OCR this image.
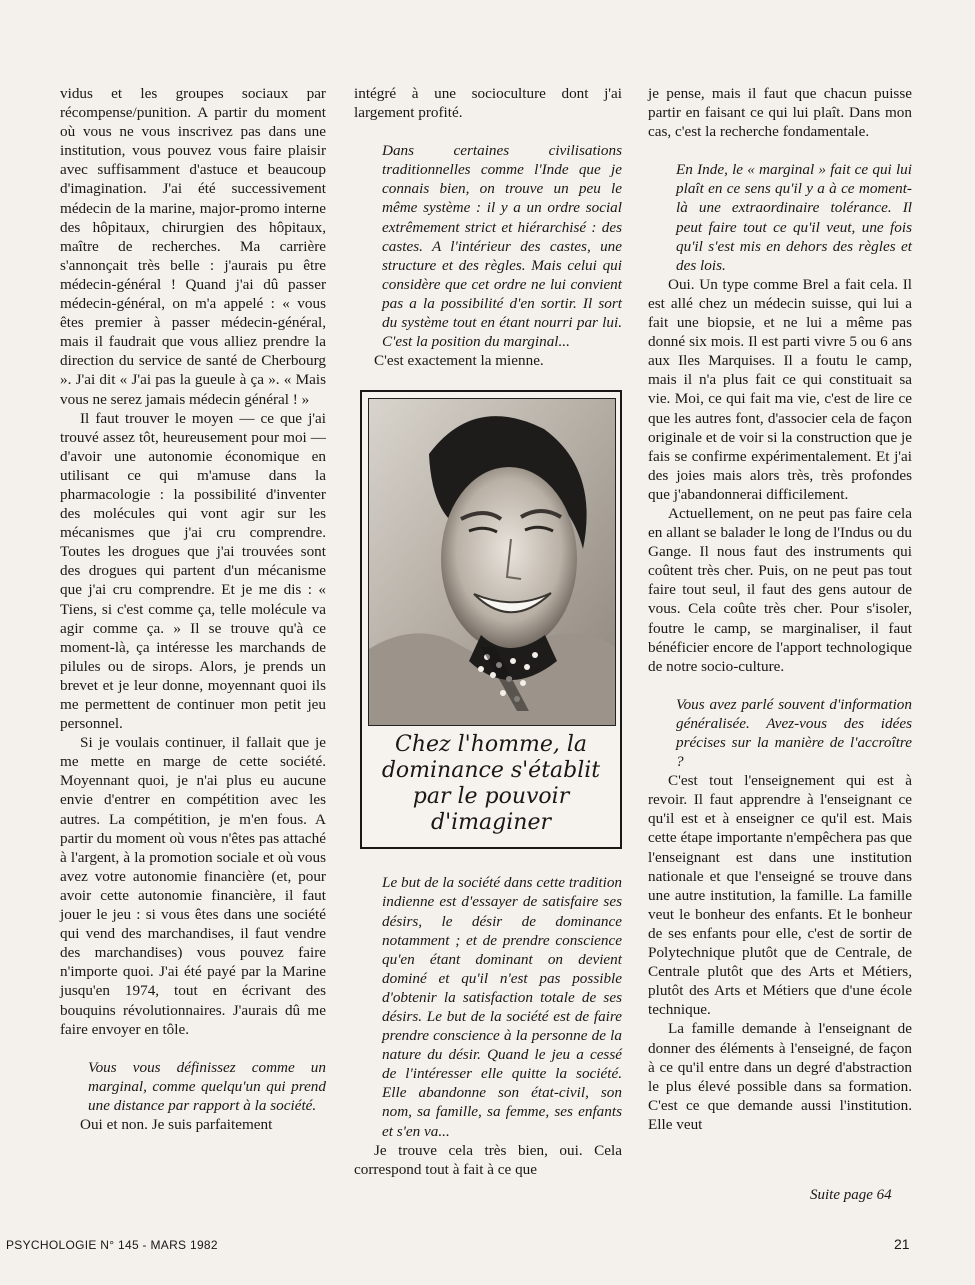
vidus et les groupes sociaux par récompense/punition. A partir du moment où vous ne vous inscrivez pas dans une institution, vous pouvez vous faire plaisir avec suffisamment d'astuce et beaucoup d'imagination. J'ai été successivement médecin de la marine, major-promo interne des hôpitaux, chirurgien des hôpitaux, maître de recherches. Ma carrière s'annonçait très belle : j'aurais pu être médecin-général ! Quand j'ai dû passer médecin-général, on m'a appelé : « vous êtes premier à passer médecin-général, mais il faudrait que vous alliez prendre la direction du service de santé de Cherbourg ». J'ai dit « J'ai pas la gueule à ça ». « Mais vous ne serez jamais médecin général ! »

Il faut trouver le moyen — ce que j'ai trouvé assez tôt, heureusement pour moi — d'avoir une autonomie économique en utilisant ce qui m'amuse dans la pharmacologie : la possibilité d'inventer des molécules qui vont agir sur les mécanismes que j'ai cru comprendre. Toutes les drogues que j'ai trouvées sont des drogues qui partent d'un mécanisme que j'ai cru comprendre. Et je me dis : « Tiens, si c'est comme ça, telle molécule va agir comme ça. » Il se trouve qu'à ce moment-là, ça intéresse les marchands de pilules ou de sirops. Alors, je prends un brevet et je leur donne, moyennant quoi ils me permettent de continuer mon petit jeu personnel.

Si je voulais continuer, il fallait que je me mette en marge de cette société. Moyennant quoi, je n'ai plus eu aucune envie d'entrer en compétition avec les autres. La compétition, je m'en fous. A partir du moment où vous n'êtes pas attaché à l'argent, à la promotion sociale et où vous avez votre autonomie financière (et, pour avoir cette autonomie financière, il faut jouer le jeu : si vous êtes dans une société qui vend des marchandises, il faut vendre des marchandises) vous pouvez faire n'importe quoi. J'ai été payé par la Marine jusqu'en 1974, tout en écrivant des bouquins révolutionnaires. J'aurais dû me faire envoyer en tôle.

Vous vous définissez comme un marginal, comme quelqu'un qui prend une distance par rapport à la société.

Oui et non. Je suis parfaitement

intégré à une socioculture dont j'ai largement profité.

Dans certaines civilisations traditionnelles comme l'Inde que je connais bien, on trouve un peu le même système : il y a un ordre social extrêmement strict et hiérarchisé : des castes. A l'intérieur des castes, une structure et des règles. Mais celui qui considère que cet ordre ne lui convient pas a la possibilité d'en sortir. Il sort du système tout en étant nourri par lui. C'est la position du marginal...

C'est exactement la mienne.

Chez l'homme, la dominance s'établit par le pouvoir d'imaginer

Le but de la société dans cette tradition indienne est d'essayer de satisfaire ses désirs, le désir de dominance notamment ; et de prendre conscience qu'en étant dominant on devient dominé et qu'il n'est pas possible d'obtenir la satisfaction totale de ses désirs. Le but de la société est de faire prendre conscience à la personne de la nature du désir. Quand le jeu a cessé de l'intéresser elle quitte la société. Elle abandonne son état-civil, son nom, sa famille, sa femme, ses enfants et s'en va...

Je trouve cela très bien, oui. Cela correspond tout à fait à ce que

je pense, mais il faut que chacun puisse partir en faisant ce qui lui plaît. Dans mon cas, c'est la recherche fondamentale.

En Inde, le « marginal » fait ce qui lui plaît en ce sens qu'il y a à ce moment-là une extraordinaire tolérance. Il peut faire tout ce qu'il veut, une fois qu'il s'est mis en dehors des règles et des lois.

Oui. Un type comme Brel a fait cela. Il est allé chez un médecin suisse, qui lui a fait une biopsie, et ne lui a même pas donné six mois. Il est parti vivre 5 ou 6 ans aux Iles Marquises. Il a foutu le camp, mais il n'a plus fait ce qui constituait sa vie. Moi, ce qui fait ma vie, c'est de lire ce que les autres font, d'associer cela de façon originale et de voir si la construction que je fais se confirme expérimentalement. Et j'ai des joies mais alors très, très profondes que j'abandonnerai difficilement.

Actuellement, on ne peut pas faire cela en allant se balader le long de l'Indus ou du Gange. Il nous faut des instruments qui coûtent très cher. Puis, on ne peut pas tout faire tout seul, il faut des gens autour de vous. Cela coûte très cher. Pour s'isoler, foutre le camp, se marginaliser, il faut bénéficier encore de l'apport technologique de notre socio-culture.

Vous avez parlé souvent d'information généralisée. Avez-vous des idées précises sur la manière de l'accroître ?

C'est tout l'enseignement qui est à revoir. Il faut apprendre à l'enseignant ce qu'il est et à enseigner ce qu'il est. Mais cette étape importante n'empêchera pas que l'enseignant est dans une institution nationale et que l'enseigné se trouve dans une autre institution, la famille. La famille veut le bonheur des enfants. Et le bonheur de ses enfants pour elle, c'est de sortir de Polytechnique plutôt que de Centrale, de Centrale plutôt que des Arts et Métiers, plutôt des Arts et Métiers que d'une école technique.

La famille demande à l'enseignant de donner des éléments à l'enseigné, de façon à ce qu'il entre dans un degré d'abstraction le plus élevé possible dans sa formation. C'est ce que demande aussi l'institution. Elle veut

Suite page 64
PSYCHOLOGIE N° 145 - MARS 1982	21
